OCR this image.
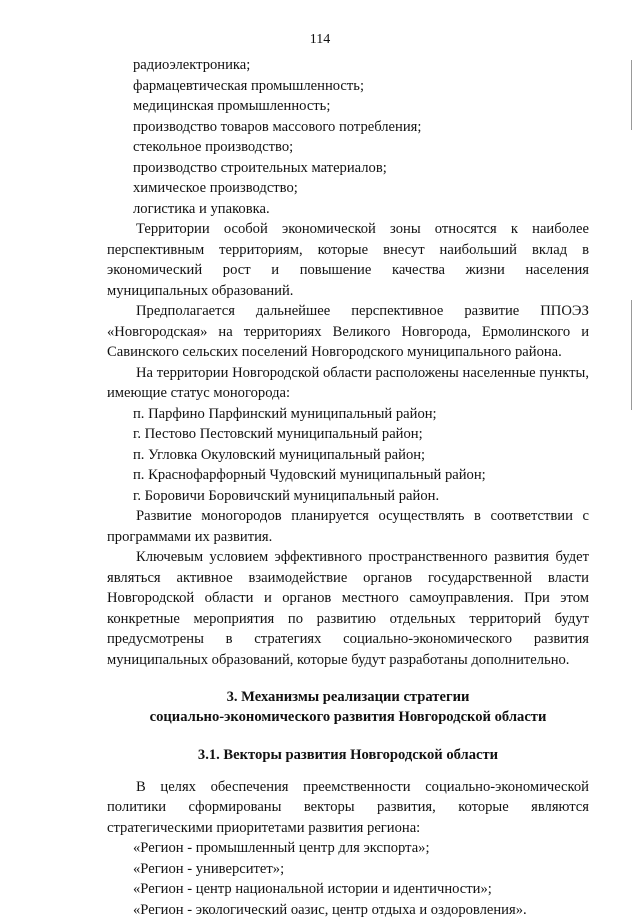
114
радиоэлектроника;
фармацевтическая промышленность;
медицинская промышленность;
производство товаров массового потребления;
стекольное производство;
производство строительных материалов;
химическое производство;
логистика и упаковка.

Территории особой экономической зоны относятся к наиболее перспективным территориям, которые внесут наибольший вклад в экономический рост и повышение качества жизни населения муниципальных образований.

Предполагается дальнейшее перспективное развитие ППОЭЗ «Новгородская» на территориях Великого Новгорода, Ермолинского и Савинского сельских поселений Новгородского муниципального района.

На территории Новгородской области расположены населенные пункты, имеющие статус моногорода:

п. Парфино Парфинский муниципальный район;
г. Пестово Пестовский муниципальный район;
п. Угловка Окуловский муниципальный район;
п. Краснофарфорный Чудовский муниципальный район;
г. Боровичи Боровичский муниципальный район.

Развитие моногородов планируется осуществлять в соответствии с программами их развития.

Ключевым условием эффективного пространственного развития будет являться активное взаимодействие органов государственной власти Новгородской области и органов местного самоуправления. При этом конкретные мероприятия по развитию отдельных территорий будут предусмотрены в стратегиях социально-экономического развития муниципальных образований, которые будут разработаны дополнительно.

3. Механизмы реализации стратегии
социально-экономического развития Новгородской области
3.1. Векторы развития Новгородской области

В целях обеспечения преемственности социально-экономической политики сформированы векторы развития, которые являются стратегическими приоритетами развития региона:

«Регион - промышленный центр для экспорта»;
«Регион - университет»;
«Регион - центр национальной истории и идентичности»;
«Регион - экологический оазис, центр отдыха и оздоровления».
